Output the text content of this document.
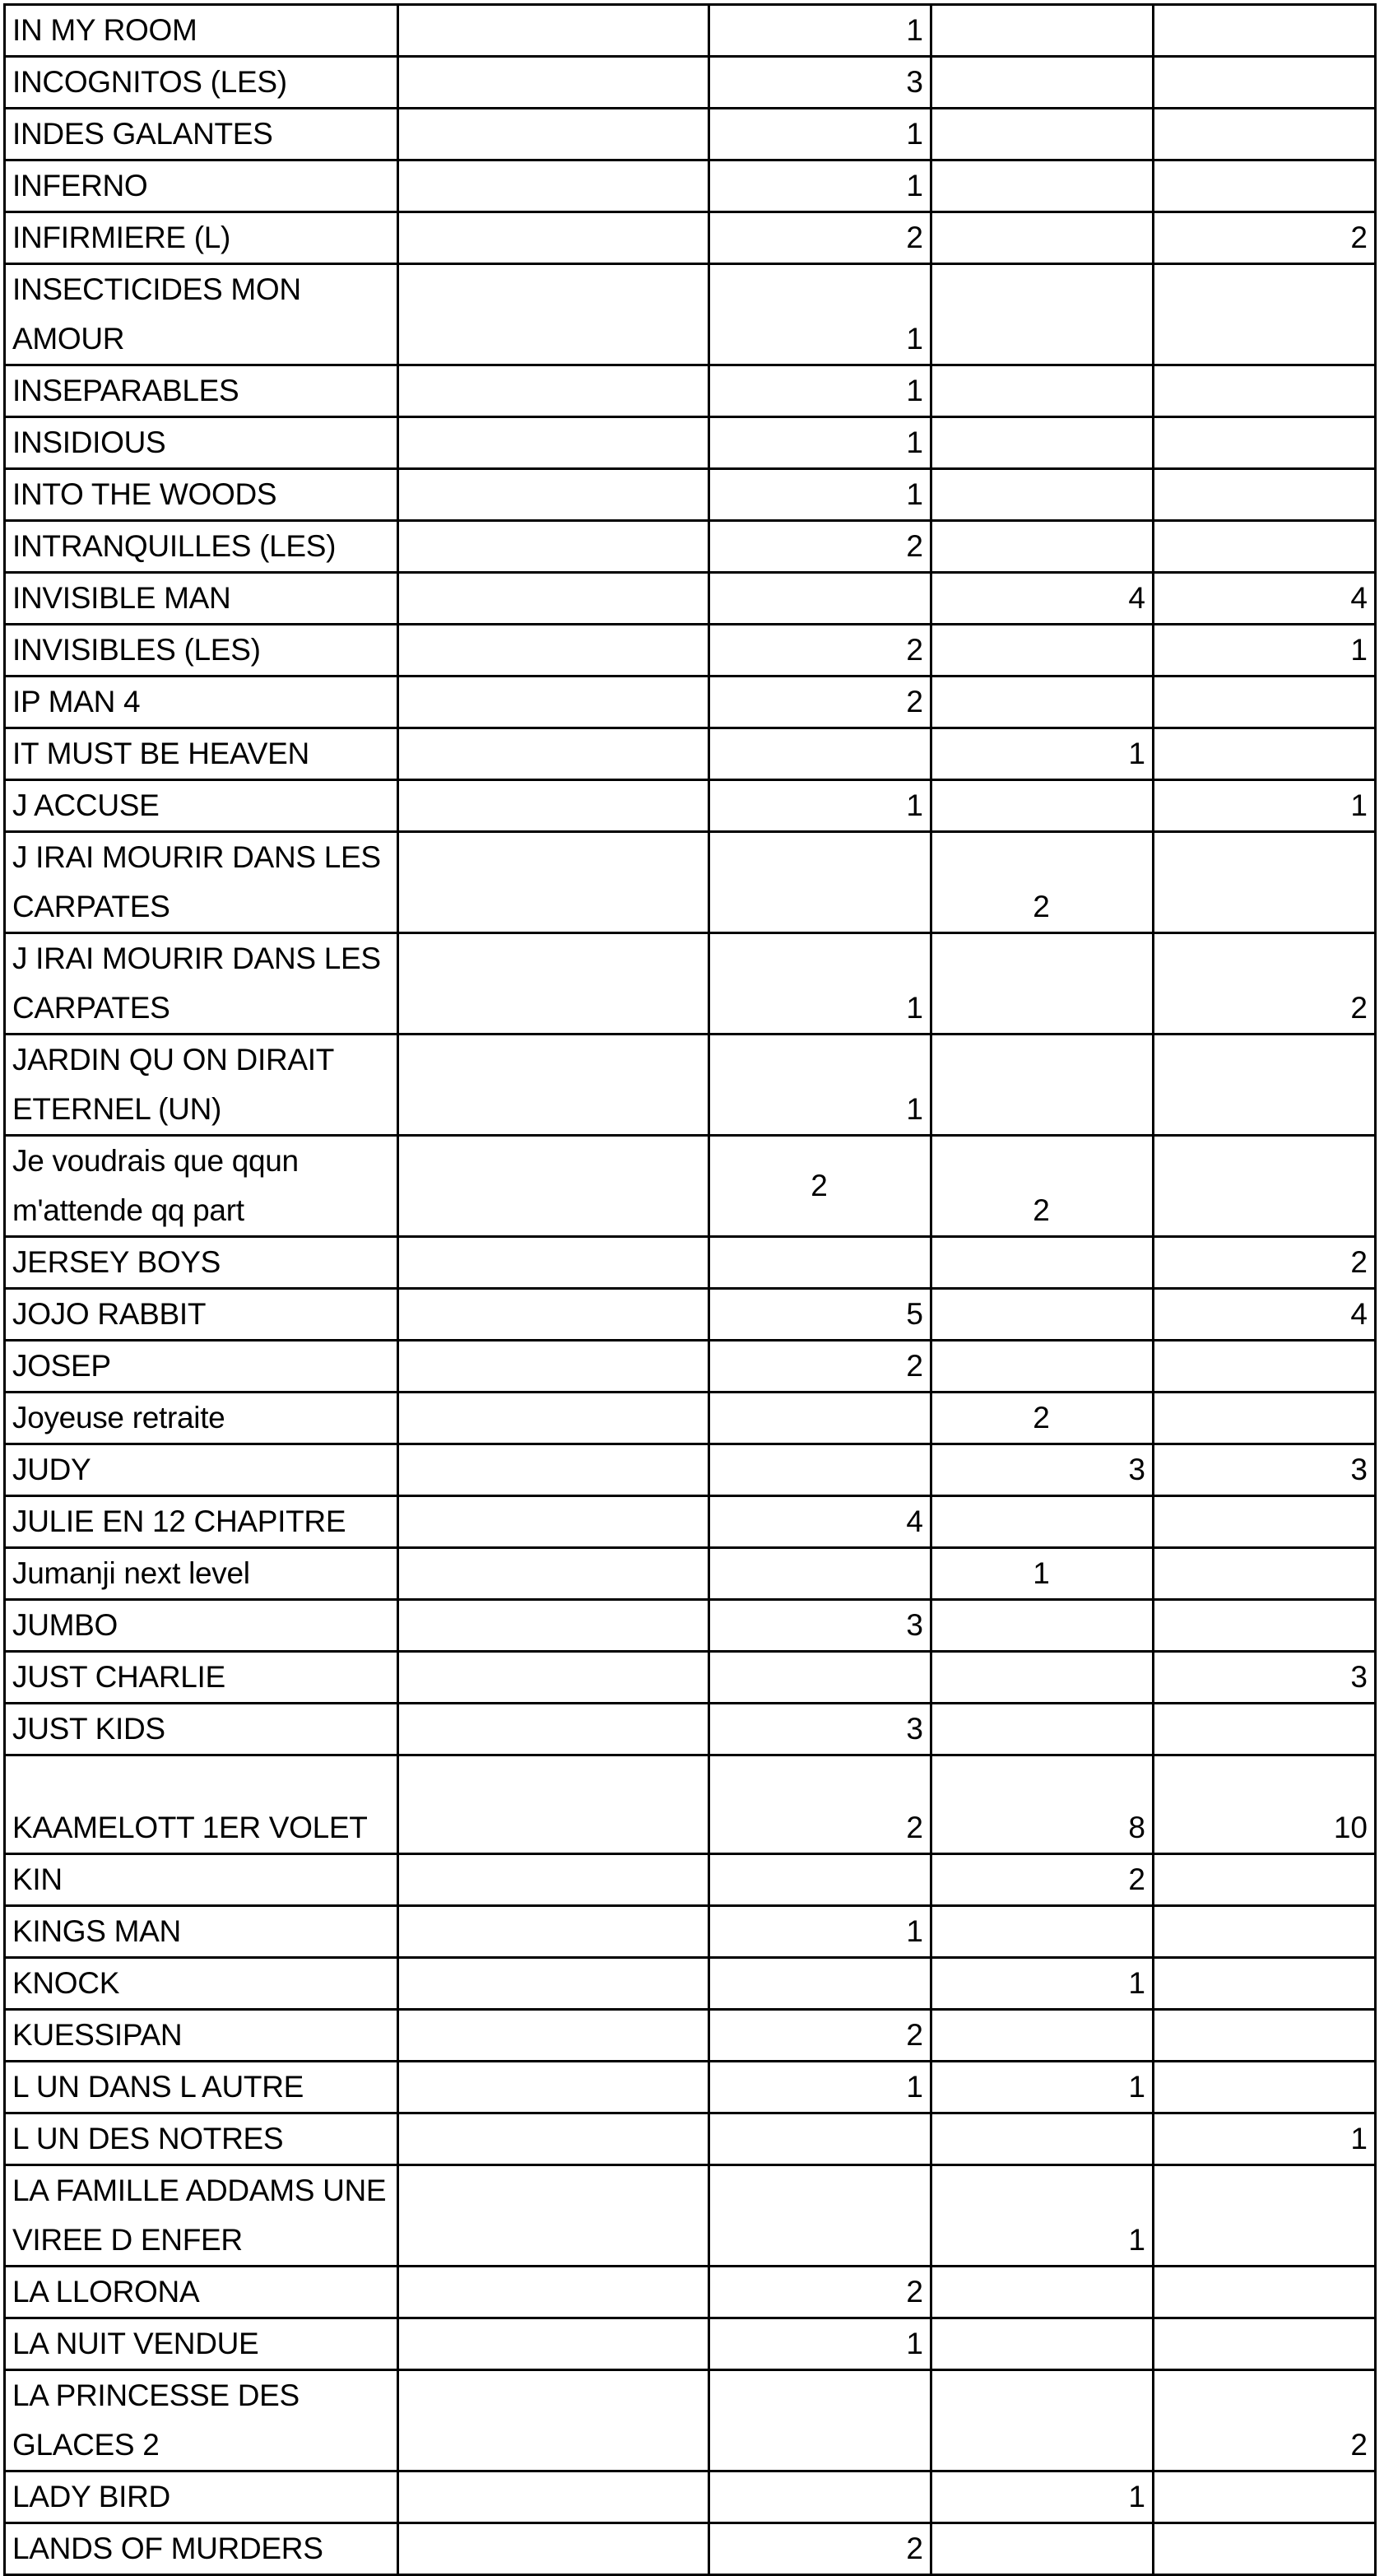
IN MY ROOM		1		
INCOGNITOS (LES)		3		
INDES GALANTES		1		
INFERNO		1		
INFIRMIERE (L)		2		2
INSECTICIDES MON AMOUR		1		
INSEPARABLES		1		
INSIDIOUS		1		
INTO THE WOODS		1		
INTRANQUILLES (LES)		2		
INVISIBLE MAN			4	4
INVISIBLES (LES)		2		1
IP MAN 4		2		
IT MUST BE HEAVEN			1	
J ACCUSE		1		1
J IRAI MOURIR DANS LES CARPATES			2	
J IRAI MOURIR DANS LES CARPATES		1		2
JARDIN QU ON DIRAIT ETERNEL (UN)		1		
Je voudrais que qqun m'attende qq part		2	2	
JERSEY BOYS				2
JOJO RABBIT		5		4
JOSEP		2		
Joyeuse retraite			2	
JUDY			3	3
JULIE EN 12 CHAPITRE		4		
Jumanji next level			1	
JUMBO		3		
JUST CHARLIE				3
JUST KIDS		3		
KAAMELOTT 1ER VOLET		2	8	10
KIN			2	
KINGS MAN		1		
KNOCK			1	
KUESSIPAN		2		
L UN DANS L AUTRE		1	1	
L UN DES NOTRES				1
LA FAMILLE ADDAMS UNE VIREE D ENFER			1	
LA LLORONA		2		
LA NUIT VENDUE		1		
LA PRINCESSE DES GLACES 2				2
LADY BIRD			1	
LANDS OF MURDERS		2		
